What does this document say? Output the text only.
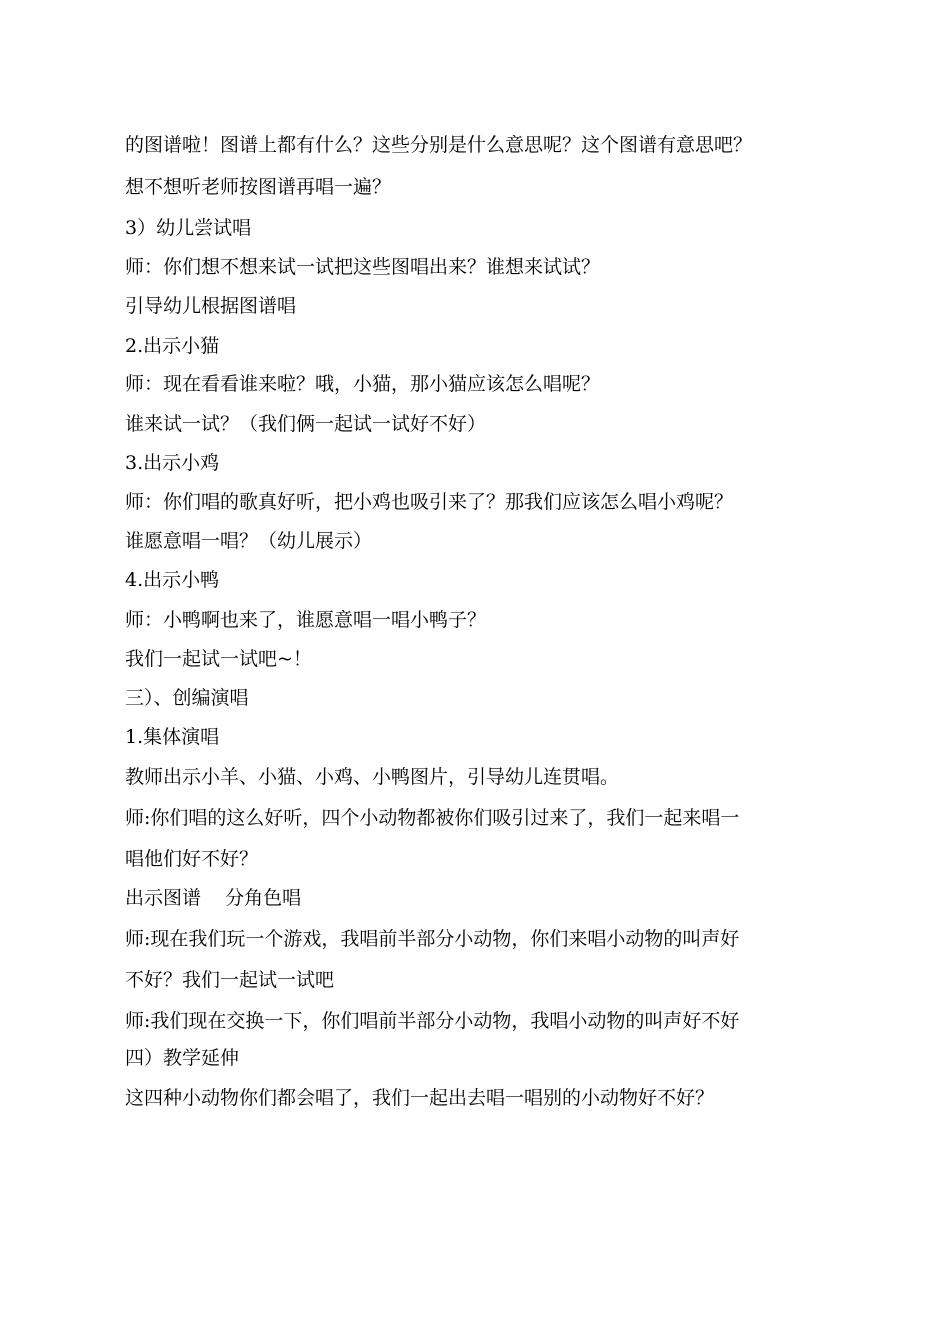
的图谱啦！图谱上都有什么？这些分别是什么意思呢？这个图谱有意思吧？
想不想听老师按图谱再唱一遍？
3）幼儿尝试唱
师：你们想不想来试一试把这些图唱出来？谁想来试试？
引导幼儿根据图谱唱
2.出示小猫
师：现在看看谁来啦？哦，小猫，那小猫应该怎么唱呢？
谁来试一试？（我们俩一起试一试好不好）
3.出示小鸡
师：你们唱的歌真好听，把小鸡也吸引来了？那我们应该怎么唱小鸡呢？
谁愿意唱一唱？（幼儿展示）
4.出示小鸭
师：小鸭啊也来了，谁愿意唱一唱小鸭子？
我们一起试一试吧~！
三）、创编演唱
1.集体演唱
教师出示小羊、小猫、小鸡、小鸭图片，引导幼儿连贯唱。
师:你们唱的这么好听，四个小动物都被你们吸引过来了，我们一起来唱一
唱他们好不好？
出示图谱    分角色唱
师:现在我们玩一个游戏，我唱前半部分小动物，你们来唱小动物的叫声好
不好？我们一起试一试吧
师:我们现在交换一下，你们唱前半部分小动物，我唱小动物的叫声好不好
四）教学延伸
这四种小动物你们都会唱了，我们一起出去唱一唱别的小动物好不好？
